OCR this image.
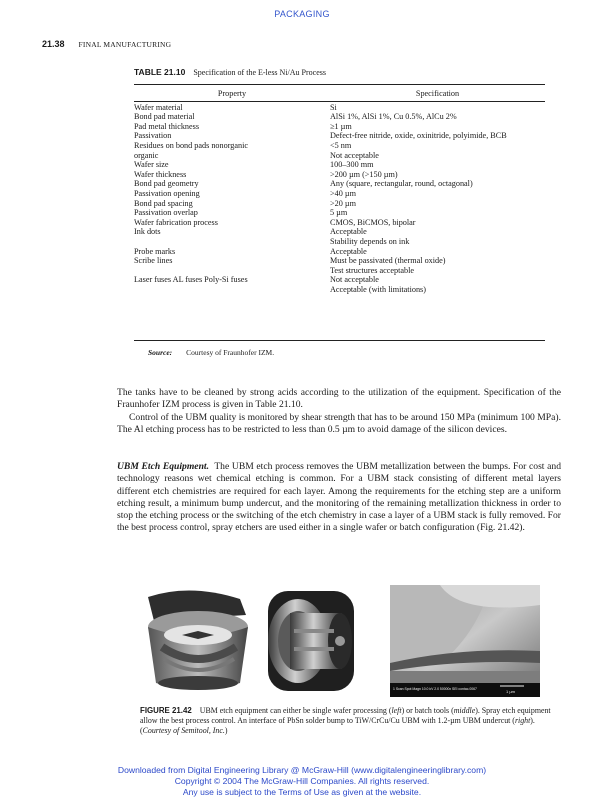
PACKAGING
21.38 FINAL MANUFACTURING
TABLE 21.10 Specification of the E-less Ni/Au Process
Property	Specification
Wafer material	Si
Bond pad material	AlSi 1%, AlSi 1%, Cu 0.5%, AlCu 2%
Pad metal thickness	≥1 µm
Passivation	Defect-free nitride, oxide, oxinitride, polyimide, BCB
Residues on bond pads nonorganic	<5 nm
organic	Not acceptable
Wafer size	100–300 mm
Wafer thickness	>200 µm (>150 µm)
Bond pad geometry	Any (square, rectangular, round, octagonal)
Passivation opening	>40 µm
Bond pad spacing	>20 µm
Passivation overlap	5 µm
Wafer fabrication process	CMOS, BiCMOS, bipolar
Ink dots	Acceptable
	Stability depends on ink
Probe marks	Acceptable
Scribe lines	Must be passivated (thermal oxide)
	Test structures acceptable
Laser fuses AL fuses Poly-Si fuses	Not acceptable
	Acceptable (with limitations)
Source: Courtesy of Fraunhofer IZM.

The tanks have to be cleaned by strong acids according to the utilization of the equipment. Specification of the Fraunhofer IZM process is given in Table 21.10.

Control of the UBM quality is monitored by shear strength that has to be around 150 MPa (minimum 100 MPa). The Al etching process has to be restricted to less than 0.5 µm to avoid damage of the silicon devices.

UBM Etch Equipment. The UBM etch process removes the UBM metallization between the bumps. For cost and technology reasons wet chemical etching is common. For a UBM stack consisting of different metal layers different etch chemistries are required for each layer. Among the requirements for the etching step are a uniform etching result, a minimum bump undercut, and the monitoring of the remaining metallization thickness in order to stop the etching process or the switching of the etch chemistry in case a layer of a UBM stack is fully removed. For the best process control, spray etchers are used either in a single wafer or batch configuration (Fig. 21.42).

1 Scan Spot Magn 10.0 kV 2.0 50000x SEI contac.0067	1 µm
FIGURE 21.42 UBM etch equipment can either be single wafer processing (left) or batch tools (middle). Spray etch equipment allow the best process control. An interface of PbSn solder bump to TiW/CrCu/Cu UBM with 1.2-µm UBM undercut (right). (Courtesy of Semitool, Inc.)
Downloaded from Digital Engineering Library @ McGraw-Hill (www.digitalengineeringlibrary.com)
Copyright © 2004 The McGraw-Hill Companies. All rights reserved.
Any use is subject to the Terms of Use as given at the website.
